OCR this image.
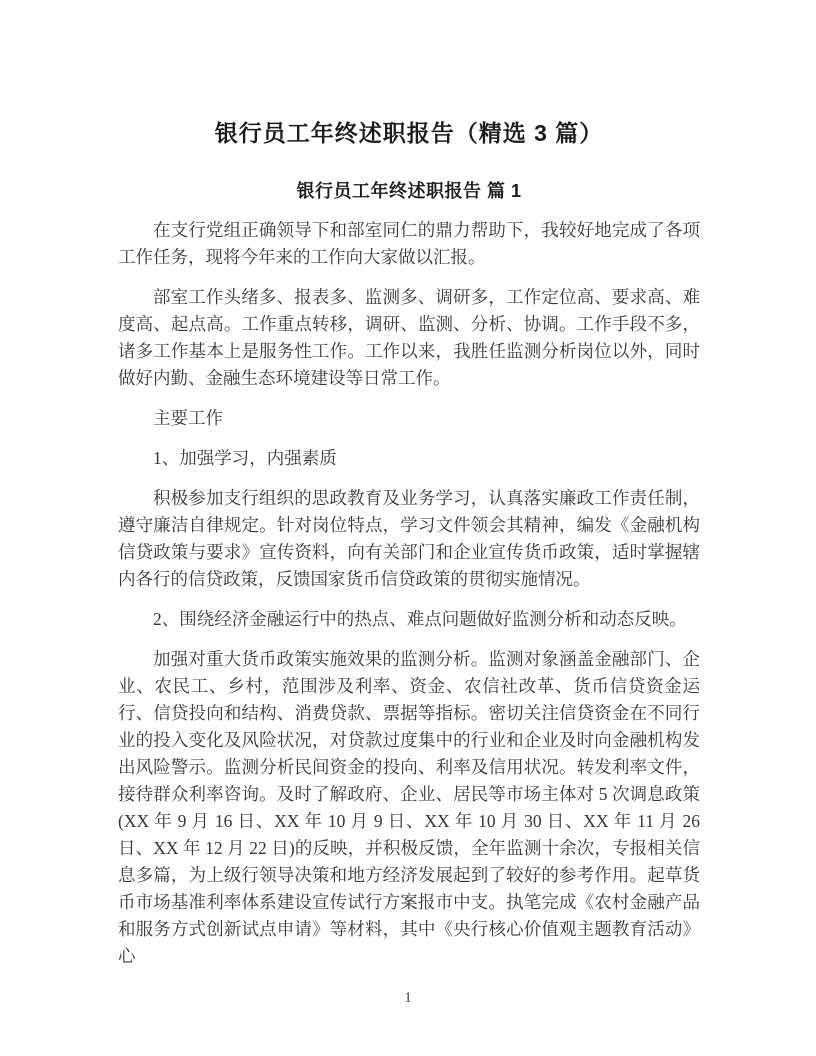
银行员工年终述职报告（精选 3 篇）
银行员工年终述职报告 篇 1

在支行党组正确领导下和部室同仁的鼎力帮助下，我较好地完成了各项工作任务，现将今年来的工作向大家做以汇报。

部室工作头绪多、报表多、监测多、调研多，工作定位高、要求高、难度高、起点高。工作重点转移，调研、监测、分析、协调。工作手段不多，诸多工作基本上是服务性工作。工作以来，我胜任监测分析岗位以外，同时做好内勤、金融生态环境建设等日常工作。

主要工作

1、加强学习，内强素质

积极参加支行组织的思政教育及业务学习，认真落实廉政工作责任制，遵守廉洁自律规定。针对岗位特点，学习文件领会其精神，编发《金融机构信贷政策与要求》宣传资料，向有关部门和企业宣传货币政策，适时掌握辖内各行的信贷政策，反馈国家货币信贷政策的贯彻实施情况。

2、围绕经济金融运行中的热点、难点问题做好监测分析和动态反映。

加强对重大货币政策实施效果的监测分析。监测对象涵盖金融部门、企业、农民工、乡村，范围涉及利率、资金、农信社改革、货币信贷资金运行、信贷投向和结构、消费贷款、票据等指标。密切关注信贷资金在不同行业的投入变化及风险状况，对贷款过度集中的行业和企业及时向金融机构发出风险警示。监测分析民间资金的投向、利率及信用状况。转发利率文件，接待群众利率咨询。及时了解政府、企业、居民等市场主体对 5 次调息政策(XX 年 9 月 16 日、XX 年 10 月 9 日、XX 年 10 月 30 日、XX 年 11 月 26 日、XX 年 12 月 22 日)的反映，并积极反馈，全年监测十余次，专报相关信息多篇，为上级行领导决策和地方经济发展起到了较好的参考作用。起草货币市场基准利率体系建设宣传试行方案报市中支。执笔完成《农村金融产品和服务方式创新试点申请》等材料，其中《央行核心价值观主题教育活动》心

1
